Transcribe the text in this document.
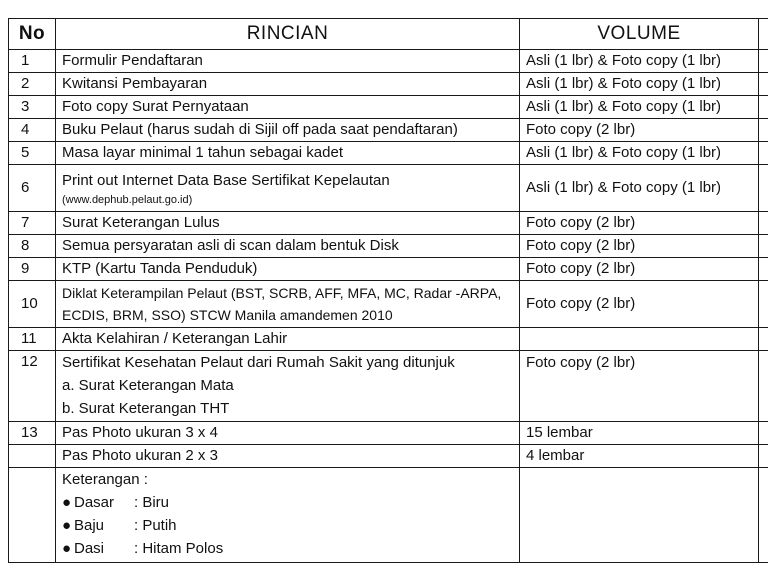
No	RINCIAN	VOLUME	
1	Formulir Pendaftaran	Asli (1 lbr) & Foto copy (1 lbr)	
2	Kwitansi Pembayaran	Asli (1 lbr) & Foto copy (1 lbr)	
3	Foto copy Surat Pernyataan	Asli (1 lbr) & Foto copy (1 lbr)	
4	Buku Pelaut (harus sudah di Sijil off pada saat pendaftaran)	Foto copy (2 lbr)	
5	Masa layar minimal 1 tahun sebagai kadet	Asli (1 lbr) & Foto copy (1 lbr)	
6	Print out Internet Data Base Sertifikat Kepelautan
(www.dephub.pelaut.go.id)	Asli (1 lbr) & Foto copy (1 lbr)	
7	Surat Keterangan Lulus	Foto copy (2 lbr)	
8	Semua persyaratan asli di scan dalam bentuk Disk	Foto copy (2 lbr)	
9	KTP (Kartu Tanda Penduduk)	Foto copy (2 lbr)	
10	Diklat Keterampilan Pelaut (BST, SCRB, AFF, MFA, MC, Radar -ARPA,
ECDIS, BRM, SSO) STCW Manila amandemen 2010	Foto copy (2 lbr)	
11	Akta Kelahiran / Keterangan Lahir		
12	Sertifikat Kesehatan Pelaut dari Rumah Sakit yang ditunjuk
a. Surat Keterangan Mata
b. Surat Keterangan THT	Foto copy (2 lbr)	
13	Pas Photo ukuran 3 x 4	15 lembar	
	Pas Photo ukuran 2 x 3	4 lembar	

	Keterangan :
● Dasar : Biru
● Baju : Putih
● Dasi : Hitam Polos		
